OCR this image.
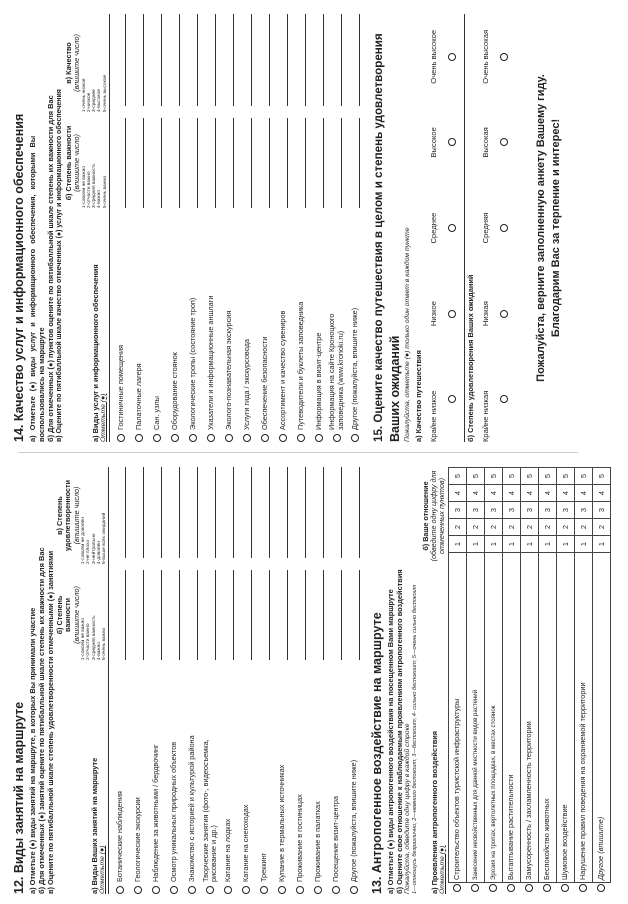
12. Виды занятий на маршруте а) Отметьте (●) виды занятий на маршруте, в которых Вы принимали участие б) Для отмеченных (●) занятий оцените по пятибалльной шкале степень их важности для Вас в) Оцените по пятибалльной шкале степень удовлетворенности отмеченными (●) занятиями	а) Виды Ваших занятий на маршруте Отметьте (●)

б) Степень важности (впишите число) 1-совсем не важно 2-отчасти важно 3-средняя важность 4-важно 5-очень важно

в) Степень удовлетворенности (впишите число) 1-совсем не доволен 2-не плохо 3-нейтрально 4-доволен 5-выше всех ожиданий
	Ботанические наблюдения	

	Геологические экскурсии	

	Наблюдение за животными / бердвочинг	

	Осмотр уникальных природных объектов	

	Знакомство с историей и культурой района	

	Творческие занятия (фото-, видеосъемка,
рисование и др.)	

	Катание на лодках	

	Катание на снегоходах	

	Треккинг	

	Купание в термальных источниках	

	Проживание в гостиницах	

	Проживание в палатках	

	Посещение визит-центра	

	Другое (пожалуйста, впишите ниже)	
	13. Антропогенное воздействие на маршруте а) Отметьте (●) виды антропогенного воздействия на посещенном Вами маршруте б) Оцените свое отношение к наблюдаемым проявлениям антропогенного воздействия Пожалуйста, обведите одну цифру в каждой строке 1—отношусь безразлично; 2—немного беспокоит; 3—беспокоит; 4- сильно беспокоит; 5—очень сильно беспокоит а) Проявления антропогенного воздействия Отметьте (●)

б) Ваше отношение (обведите одну цифру для отмеченных пунктов)
	Строительство объектов туристской инфраструктуры	1	2	3	4	5
	Занесение несвойственных для данной местности видов растений	1	2	3	4	5
	Эрозия на тропах, вертолетных площадках, в местах стоянок	1	2	3	4	5
	Вытаптывание растительности	1	2	3	4	5
	Замусоренность / захламленность территории	1	2	3	4	5
	Беспокойство животных	1	2	3	4	5
	Шумовое воздействие	1	2	3	4	5
	Нарушение правил поведения на охраняемой территории	1	2	3	4	5
	Другое (впишите)	1	2	3	4	5
14. Качество услуг и информационного обеспечения а) Отметьте (●) виды услуг и информационного обеспечения, которыми Вы воспользовались на маршруте б) Для отмеченных (●) пунктов оцените по пятибалльной шкале степень их важности для Вас в) Оцените по пятибалльной шкале качество отмеченных (●) услуг и информационного обеспечения	а) Виды услуг и информационного обеспечения Отметьте (●)

б) Степень важности (впишите число) 1-совсем не важно 2-отчасти важно 3-средняя важность 4-важно 5-очень важно

в) Качество (впишите число)
1-очень низкое 2-низкое 3-среднее 4-высокое 5-очень высокое
	Гостиничные помещения	

	Палаточные лагеря	

	Сан. узлы	

	Оборудование стоянок	

	Экологические тропы (состояние троп)	

	Указатели и информационные аншлаги	

	Эколого-познавательная экскурсия	

	Услуги гида / экскурсовода	

	Обеспечение безопасности	

	Ассортимент и качество сувениров	

	Путеводители и буклеты заповедника	

	Информация в визит-центре	

	Информация на сайте Кроноцкого
заповедника (www.kronoki.ru)	

	Другое (пожалуйста, впишите ниже)	
	15. Оцените качество путешествия в целом и степень удовлетворения Ваших ожиданий Пожалуйста, отметьте (●) только один ответ в каждом пункте а) Качество путешествия Крайне низкое	Низкое	Среднее	Высокое	Очень высокое

б) Степень удовлетворения Ваших ожиданий Крайне низкая	Низкая	Средняя	Высокая	Очень высокая

Пожалуйста, верните заполненную анкету Вашему гиду. Благодарим Вас за терпение и интерес!
